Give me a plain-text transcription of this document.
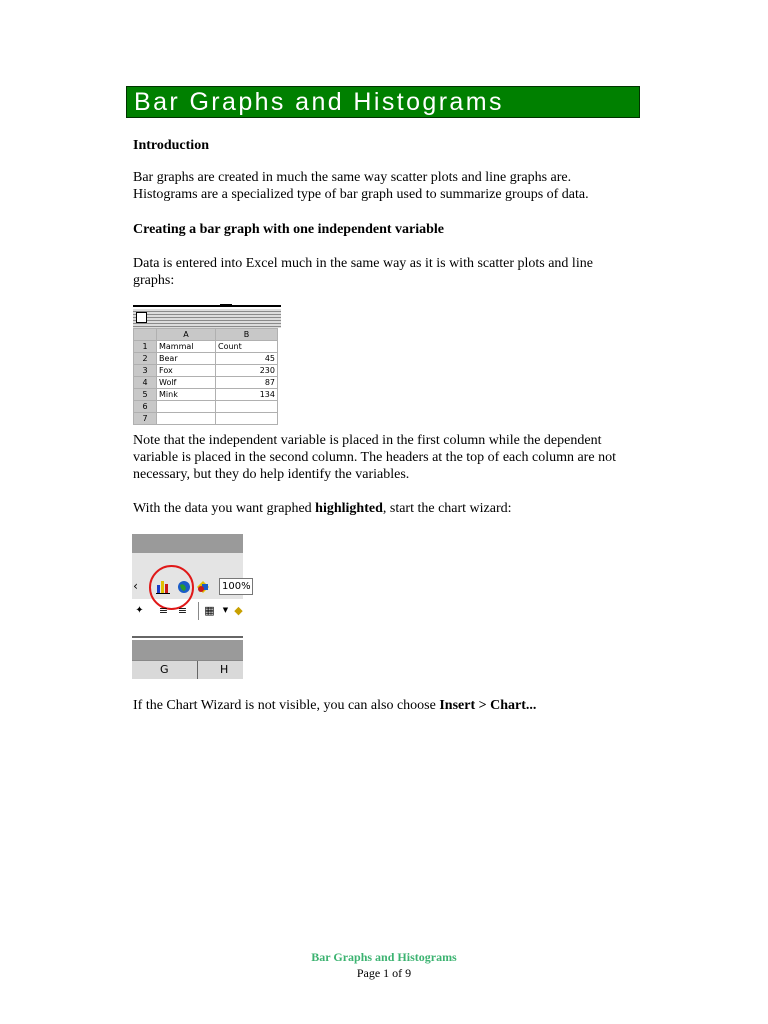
Bar Graphs and Histograms
Introduction
Bar graphs are created in much the same way scatter plots and line graphs are. Histograms are a specialized type of bar graph used to summarize groups of data.
Creating a bar graph with one independent variable
Data is entered into Excel much in the same way as it is with scatter plots and line graphs:
	A	B
1	Mammal	Count
2	Bear	45
3	Fox	230
4	Wolf	87
5	Mink	134
6		
7		
Note that the independent variable is placed in the first column while the dependent variable is placed in the second column. The headers at the top of each column are not necessary, but they do help identify the variables.
With the data you want graphed highlighted, start the chart wizard:
‹	100%
✦	≡ ≡ ▦	▼ ◆
G	H
If the Chart Wizard is not visible, you can also choose Insert > Chart...
Bar Graphs and Histograms
Page 1 of 9
